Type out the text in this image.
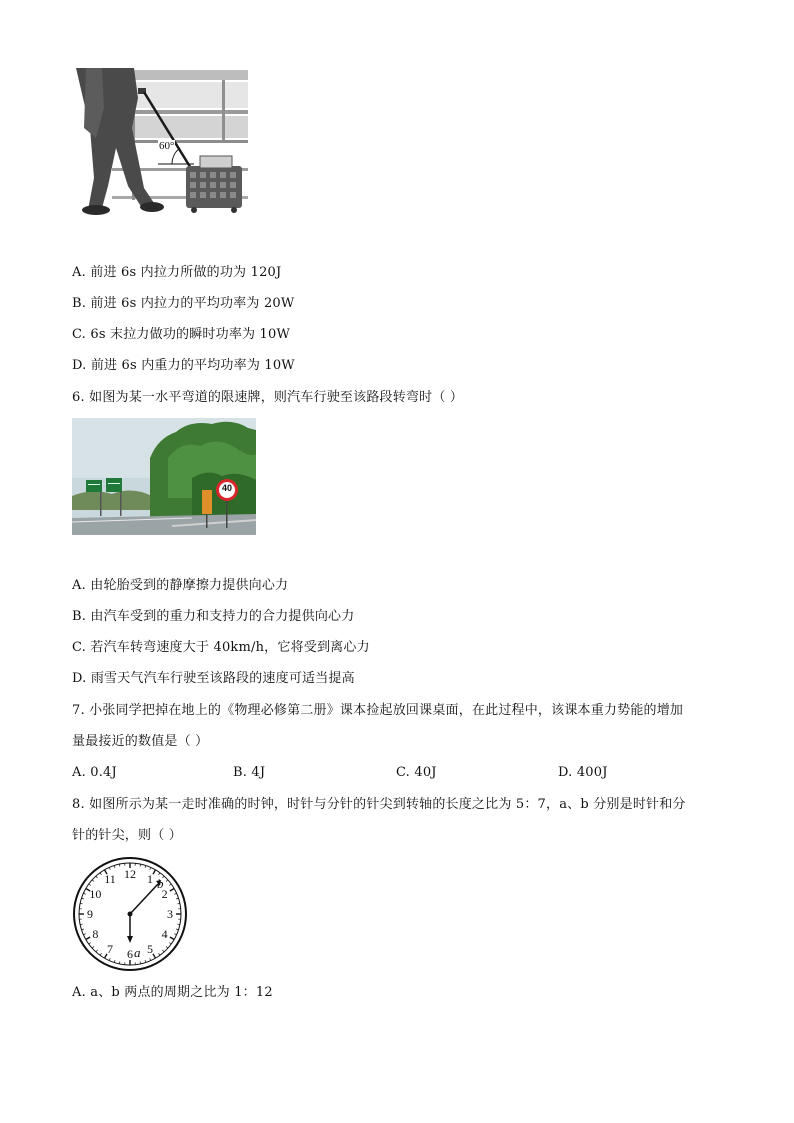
60°
A. 前进 6s 内拉力所做的功为 120J
B. 前进 6s 内拉力的平均功率为 20W
C. 6s 末拉力做功的瞬时功率为 10W
D. 前进 6s 内重力的平均功率为 10W
6. 如图为某一水平弯道的限速牌，则汽车行驶至该路段转弯时（ ）
40
A. 由轮胎受到的静摩擦力提供向心力
B. 由汽车受到的重力和支持力的合力提供向心力
C. 若汽车转弯速度大于 40km/h，它将受到离心力
D. 雨雪天气汽车行驶至该路段的速度可适当提高
7. 小张同学把掉在地上的《物理必修第二册》课本捡起放回课桌面，在此过程中，该课本重力势能的增加
量最接近的数值是（ ）
A. 0.4J	B. 4J	C. 40J	D. 400J
8. 如图所示为某一走时准确的时钟，时针与分针的针尖到转轴的长度之比为 5：7，a、b 分别是时针和分
针的针尖，则（ ）
12 1
2
3
4
5
6
7
8
9
10
11
a
b
A. a、b 两点的周期之比为 1：12
